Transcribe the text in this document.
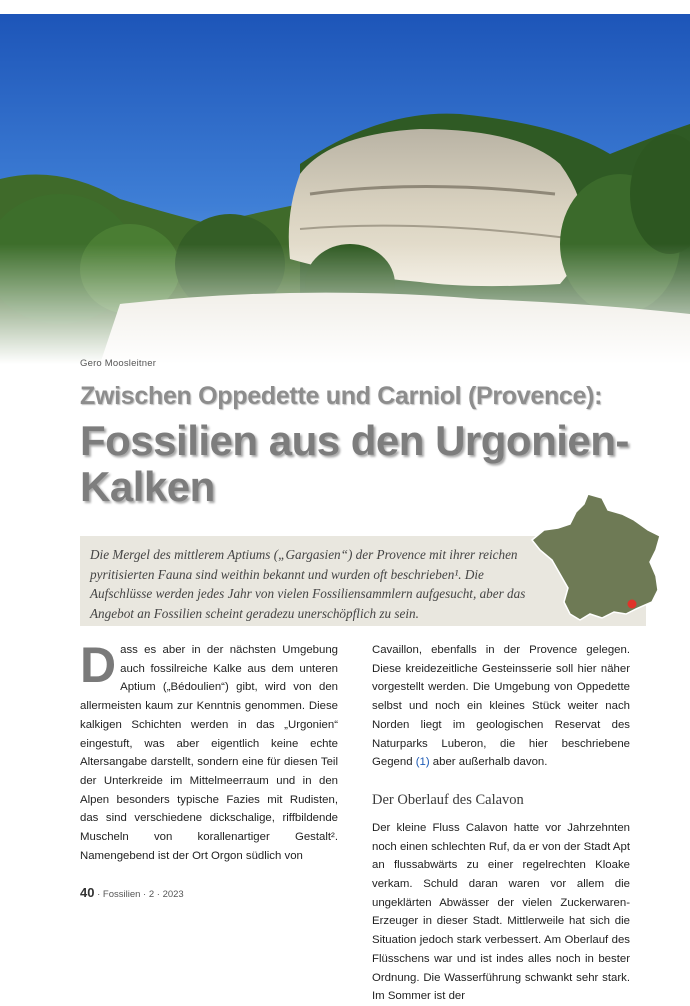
Gero Moosleitner
Zwischen Oppedette und Carniol (Provence):
Fossilien aus den Urgonien-Kalken

Die Mergel des mittlerem Aptiums („Gargasien“) der Provence mit ihrer reichen pyritisierten Fauna sind weithin bekannt und wurden oft beschrieben¹. Die Aufschlüsse werden jedes Jahr von vielen Fossiliensammlern aufgesucht, aber das Angebot an Fossilien scheint geradezu unerschöpflich zu sein.

Dass es aber in der nächsten Umgebung auch fossilreiche Kalke aus dem unteren Aptium („Bédoulien“) gibt, wird von den allermeisten kaum zur Kenntnis genommen. Diese kalkigen Schichten werden in das „Urgonien“ eingestuft, was aber eigentlich keine echte Altersangabe darstellt, sondern eine für diesen Teil der Unterkreide im Mittelmeerraum und in den Alpen besonders typische Fazies mit Rudisten, das sind verschiedene dickschalige, riffbildende Muscheln von korallenartiger Gestalt². Namengebend ist der Ort Orgon südlich von

Cavaillon, ebenfalls in der Provence gelegen. Diese kreidezeitliche Gesteinsserie soll hier näher vorgestellt werden. Die Umgebung von Oppedette selbst und noch ein kleines Stück weiter nach Norden liegt im geologischen Reservat des Naturparks Luberon, die hier beschriebene Gegend (1) aber außerhalb davon.

Der Oberlauf des Calavon

Der kleine Fluss Calavon hatte vor Jahrzehnten noch einen schlechten Ruf, da er von der Stadt Apt an flussabwärts zu einer regelrechten Kloake verkam. Schuld daran waren vor allem die ungeklärten Abwässer der vielen Zuckerwaren-Erzeuger in dieser Stadt. Mittlerweile hat sich die Situation jedoch stark verbessert. Am Oberlauf des Flüsschens war und ist indes alles noch in bester Ordnung. Die Wasserführung schwankt sehr stark. Im Sommer ist der

40 · Fossilien · 2 · 2023
